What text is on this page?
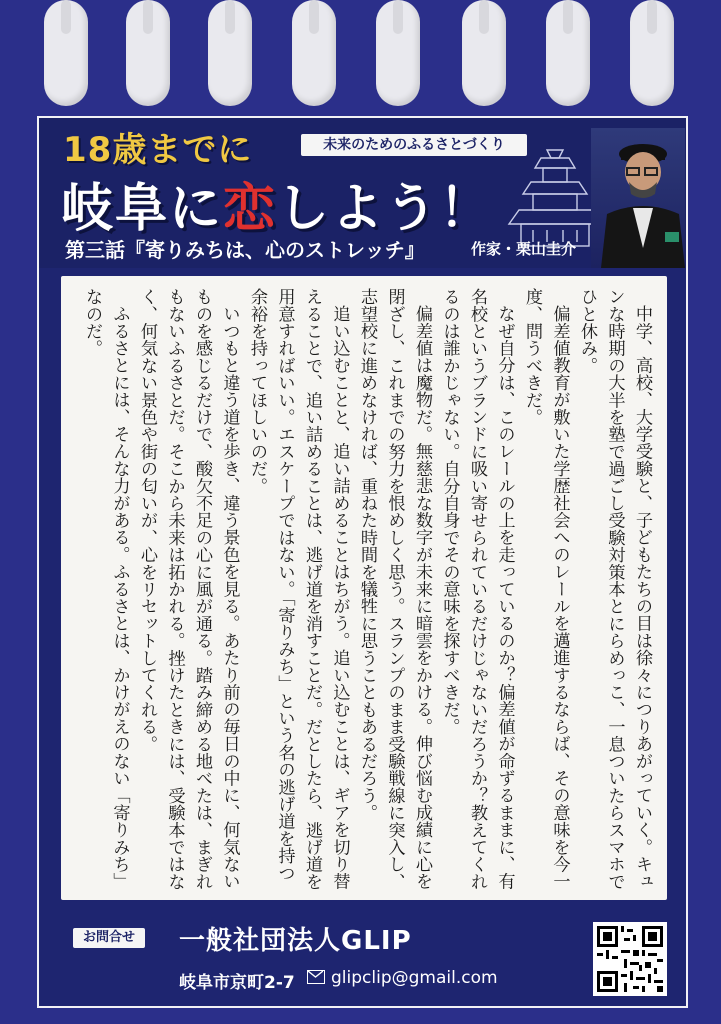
18歳までに	未来のためのふるさとづくり
岐阜に恋しよう！
第三話『寄りみちは、心のストレッチ』	作家・栗山圭介

中学、高校、大学受験と、子どもたちの目は徐々につりあがっていく。キュンな時期の大半を塾で過ごし受験対策本とにらめっこ、一息ついたらスマホでひと休み。

偏差値教育が敷いた学歴社会へのレールを邁進するならば、その意味を今一度、問うべきだ。

なぜ自分は、このレールの上を走っているのか？偏差値が命ずるままに、有名校というブランドに吸い寄せられているだけじゃないだろうか？教えてくれるのは誰かじゃない。自分自身でその意味を探すべきだ。

偏差値は魔物だ。無慈悲な数字が未来に暗雲をかける。伸び悩む成績に心を閉ざし、これまでの努力を恨めしく思う。スランプのまま受験戦線に突入し、志望校に進めなければ、重ねた時間を犠牲に思うこともあるだろう。

追い込むことと、追い詰めることはちがう。追い込むことは、ギアを切り替えることで、追い詰めることは、逃げ道を消すことだ。だとしたら、逃げ道を用意すればいい。エスケープではない。「寄りみち」という名の逃げ道を持つ余裕を持ってほしいのだ。

いつもと違う道を歩き、違う景色を見る。あたり前の毎日の中に、何気ないものを感じるだけで、酸欠不足の心に風が通る。踏み締める地べたは、まぎれもないふるさとだ。そこから未来は拓かれる。挫けたときには、受験本ではなく、何気ない景色や街の匂いが、心をリセットしてくれる。

ふるさとには、そんな力がある。ふるさとは、かけがえのない「寄りみち」なのだ。

お問合せ	一般社団法人GLIP
岐阜市京町2-7 glipclip@gmail.com
